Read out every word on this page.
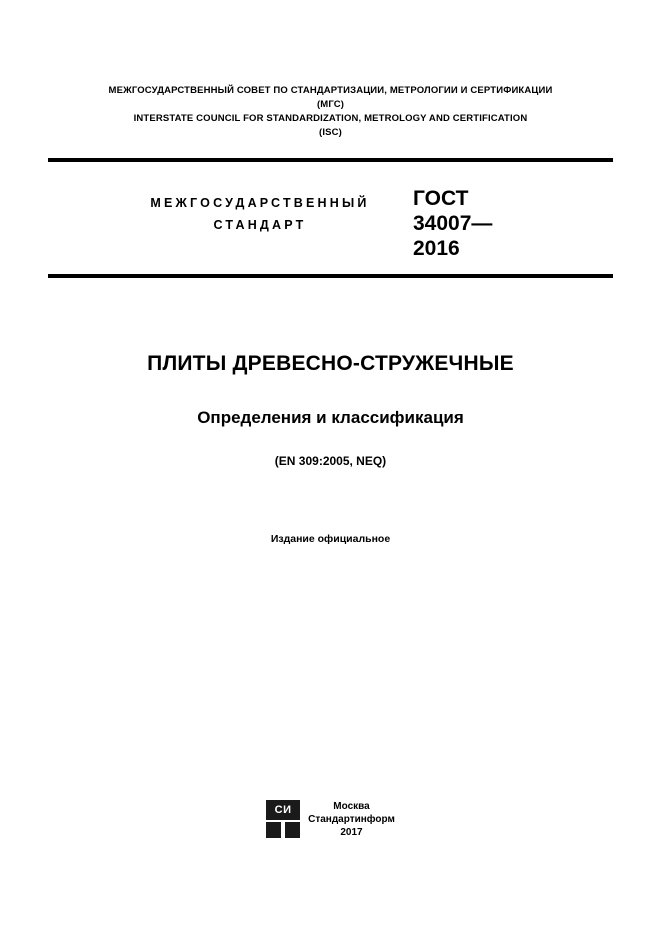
МЕЖГОСУДАРСТВЕННЫЙ СОВЕТ ПО СТАНДАРТИЗАЦИИ, МЕТРОЛОГИИ И СЕРТИФИКАЦИИ
(МГС)
INTERSTATE COUNCIL FOR STANDARDIZATION, METROLOGY AND CERTIFICATION
(ISC)
МЕЖГОСУДАРСТВЕННЫЙ
СТАНДАРТ
ГОСТ
34007—
2016
ПЛИТЫ ДРЕВЕСНО-СТРУЖЕЧНЫЕ
Определения и классификация
(EN 309:2005, NEQ)
Издание официальное
СИ	Москва
Стандартинформ
2017
